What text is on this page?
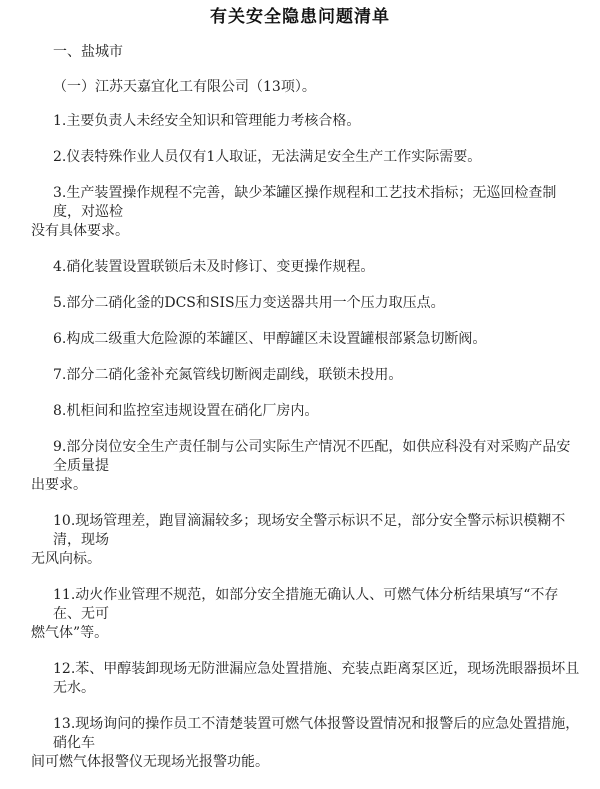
有关安全隐患问题清单
一、盐城市
（一）江苏天嘉宜化工有限公司（13项）。
1.主要负责人未经安全知识和管理能力考核合格。
2.仪表特殊作业人员仅有1人取证，无法满足安全生产工作实际需要。
3.生产装置操作规程不完善，缺少苯罐区操作规程和工艺技术指标；无巡回检查制度，对巡检
没有具体要求。
4.硝化装置设置联锁后未及时修订、变更操作规程。
5.部分二硝化釜的DCS和SIS压力变送器共用一个压力取压点。
6.构成二级重大危险源的苯罐区、甲醇罐区未设置罐根部紧急切断阀。
7.部分二硝化釜补充氮管线切断阀走副线，联锁未投用。
8.机柜间和监控室违规设置在硝化厂房内。
9.部分岗位安全生产责任制与公司实际生产情况不匹配，如供应科没有对采购产品安全质量提
出要求。
10.现场管理差，跑冒滴漏较多；现场安全警示标识不足，部分安全警示标识模糊不清，现场
无风向标。
11.动火作业管理不规范，如部分安全措施无确认人、可燃气体分析结果填写“不存在、无可
燃气体”等。
12.苯、甲醇装卸现场无防泄漏应急处置措施、充装点距离泵区近，现场洗眼器损坏且无水。
13.现场询问的操作员工不清楚装置可燃气体报警设置情况和报警后的应急处置措施，硝化车
间可燃气体报警仪无现场光报警功能。
